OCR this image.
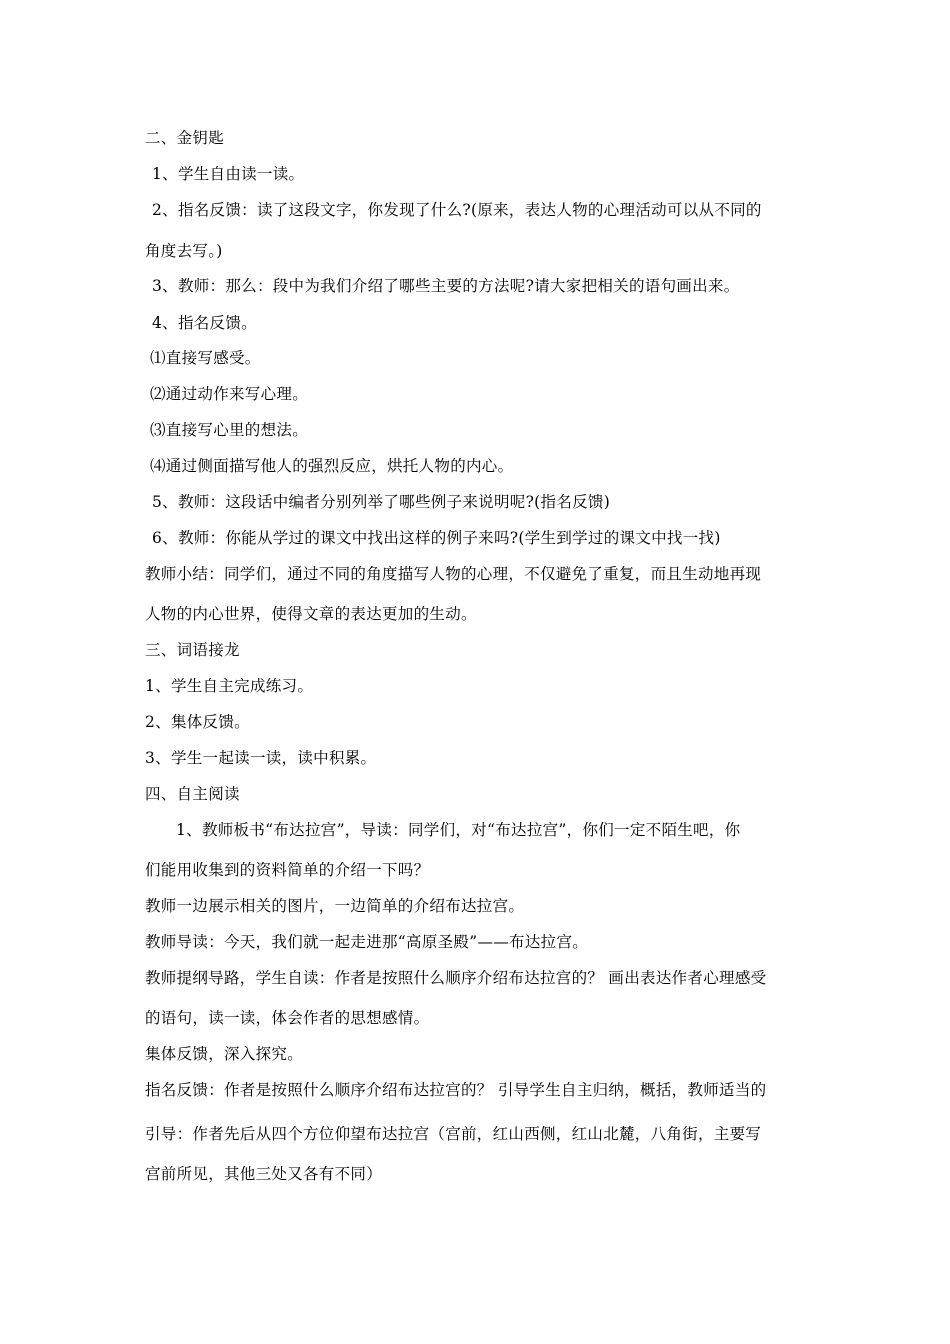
二、金钥匙
1、学生自由读一读。
2、指名反馈：读了这段文字，你发现了什么?(原来，表达人物的心理活动可以从不同的
角度去写。)
3、教师：那么：段中为我们介绍了哪些主要的方法呢?请大家把相关的语句画出来。
4、指名反馈。
⑴直接写感受。
⑵通过动作来写心理。
⑶直接写心里的想法。
⑷通过侧面描写他人的强烈反应，烘托人物的内心。
5、教师：这段话中编者分别列举了哪些例子来说明呢?(指名反馈)
6、教师：你能从学过的课文中找出这样的例子来吗?(学生到学过的课文中找一找)
教师小结：同学们，通过不同的角度描写人物的心理，不仅避免了重复，而且生动地再现
人物的内心世界，使得文章的表达更加的生动。
三、词语接龙
1、学生自主完成练习。
2、集体反馈。
3、学生一起读一读，读中积累。
四、自主阅读
1、教师板书“布达拉宫”，导读：同学们，对“布达拉宫”，你们一定不陌生吧，你
们能用收集到的资料简单的介绍一下吗？
教师一边展示相关的图片，一边简单的介绍布达拉宫。
教师导读：今天，我们就一起走进那“高原圣殿”——布达拉宫。
教师提纲导路，学生自读：作者是按照什么顺序介绍布达拉宫的？ 画出表达作者心理感受
的语句，读一读，体会作者的思想感情。
集体反馈，深入探究。
指名反馈：作者是按照什么顺序介绍布达拉宫的？ 引导学生自主归纳，概括，教师适当的
引导：作者先后从四个方位仰望布达拉宫（宫前，红山西侧，红山北麓，八角街，主要写
宫前所见，其他三处又各有不同）
